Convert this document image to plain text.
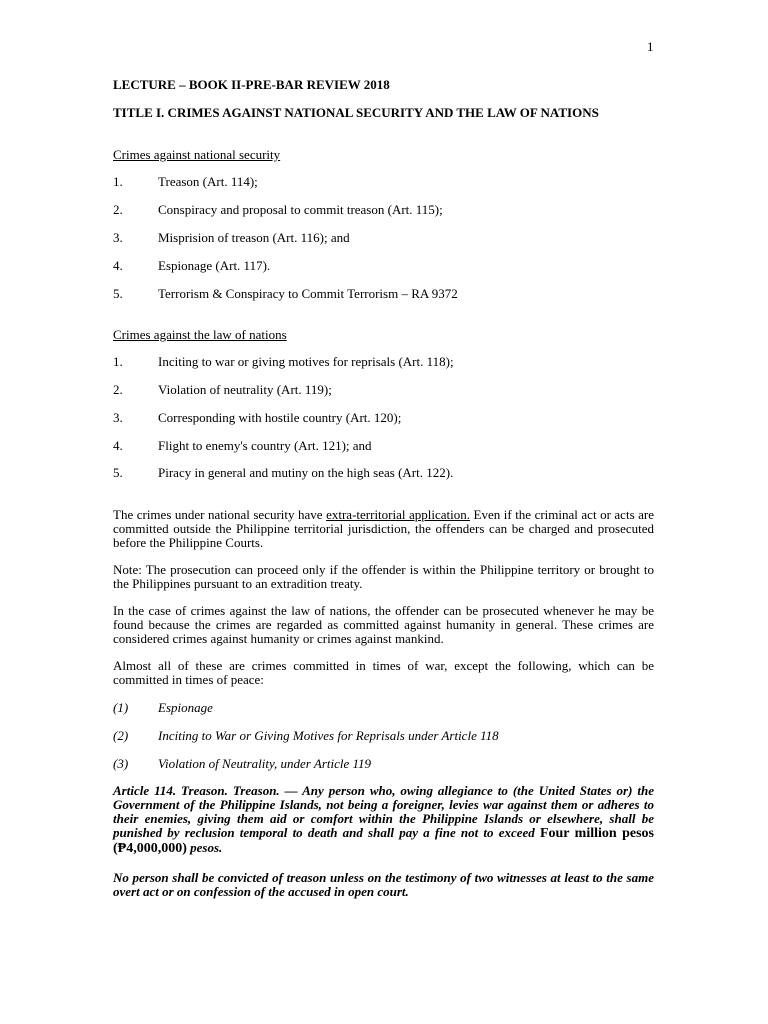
1
LECTURE – BOOK II-PRE-BAR REVIEW 2018
TITLE I. CRIMES AGAINST NATIONAL SECURITY AND THE LAW OF NATIONS
Crimes against national security
1.	Treason (Art. 114);
2.	Conspiracy and proposal to commit treason (Art. 115);
3.	Misprision of treason (Art. 116); and
4.	Espionage (Art. 117).
5.	Terrorism & Conspiracy to Commit Terrorism – RA 9372
Crimes against the law of nations
1.	Inciting to war or giving motives for reprisals (Art. 118);
2.	Violation of neutrality (Art. 119);
3.	Corresponding with hostile country (Art. 120);
4.	Flight to enemy's country (Art. 121); and
5.	Piracy in general and mutiny on the high seas (Art. 122).
The crimes under national security have extra-territorial application. Even if the criminal act or acts are committed outside the Philippine territorial jurisdiction, the offenders can be charged and prosecuted before the Philippine Courts.
Note: The prosecution can proceed only if the offender is within the Philippine territory or brought to the Philippines pursuant to an extradition treaty.
In the case of crimes against the law of nations, the offender can be prosecuted whenever he may be found because the crimes are regarded as committed against humanity in general. These crimes are considered crimes against humanity or crimes against mankind.
Almost all of these are crimes committed in times of war, except the following, which can be committed in times of peace:
(1) Espionage
(2) Inciting to War or Giving Motives for Reprisals under Article 118
(3) Violation of Neutrality, under Article 119
Article 114. Treason. Treason. — Any person who, owing allegiance to (the United States or) the Government of the Philippine Islands, not being a foreigner, levies war against them or adheres to their enemies, giving them aid or comfort within the Philippine Islands or elsewhere, shall be punished by reclusion temporal to death and shall pay a fine not to exceed Four million pesos (₱4,000,000) pesos.
No person shall be convicted of treason unless on the testimony of two witnesses at least to the same overt act or on confession of the accused in open court.
